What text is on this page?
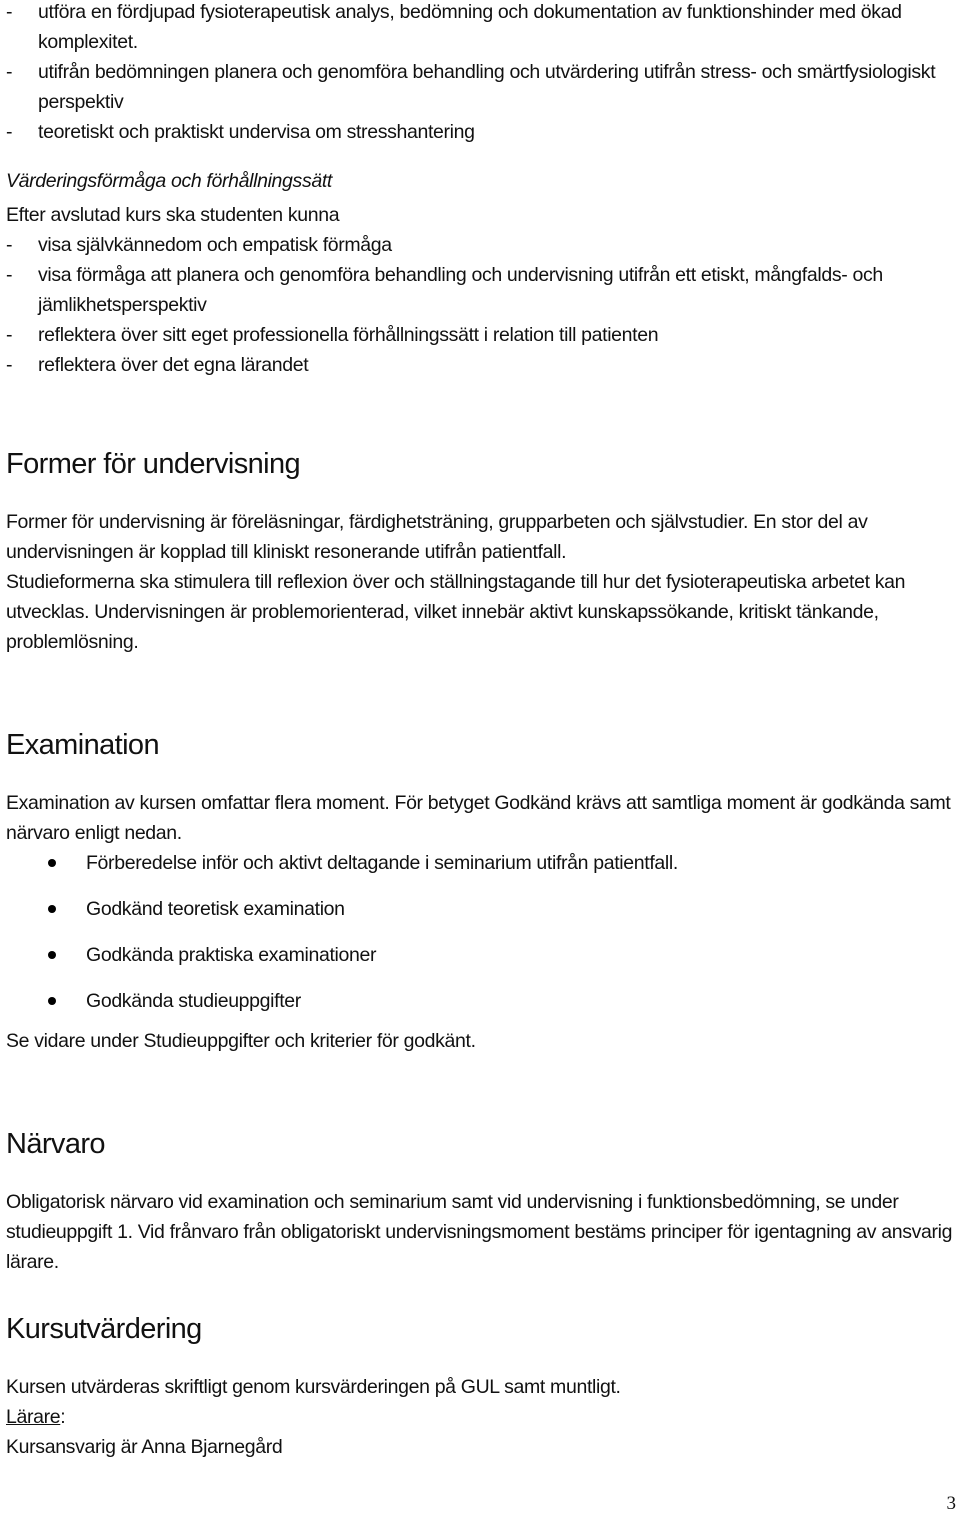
-	utföra en fördjupad fysioterapeutisk analys, bedömning och dokumentation av funktionshinder med ökad komplexitet.

-	utifrån bedömningen planera och genomföra behandling och utvärdering utifrån stress- och smärtfysiologiskt perspektiv

-	teoretiskt och praktiskt undervisa om stresshantering

Värderingsförmåga och förhållningssätt

Efter avslutad kurs ska studenten kunna

-	visa självkännedom och empatisk förmåga

-	visa förmåga att planera och genomföra behandling och undervisning utifrån ett etiskt, mångfalds- och jämlikhetsperspektiv

-	reflektera över sitt eget professionella förhållningssätt i relation till patienten

-	reflektera över det egna lärandet

Former för undervisning

Former för undervisning är föreläsningar, färdighetsträning, grupparbeten och självstudier. En stor del av undervisningen är kopplad till kliniskt resonerande utifrån patientfall.

Studieformerna ska stimulera till reflexion över och ställningstagande till hur det fysioterapeutiska arbetet kan utvecklas. Undervisningen är problemorienterad, vilket innebär aktivt kunskapssökande, kritiskt tänkande, problemlösning.

Examination

Examination av kursen omfattar flera moment. För betyget Godkänd krävs att samtliga moment är godkända samt närvaro enligt nedan.

Förberedelse inför och aktivt deltagande i seminarium utifrån patientfall.
Godkänd teoretisk examination
Godkända praktiska examinationer
Godkända studieuppgifter

Se vidare under Studieuppgifter och kriterier för godkänt.

Närvaro

Obligatorisk närvaro vid examination och seminarium samt vid undervisning i funktionsbedömning, se under studieuppgift 1. Vid frånvaro från obligatoriskt undervisningsmoment bestäms principer för igentagning av ansvarig lärare.

Kursutvärdering

Kursen utvärderas skriftligt genom kursvärderingen på GUL samt muntligt.

Lärare:

Kursansvarig är Anna Bjarnegård

3
